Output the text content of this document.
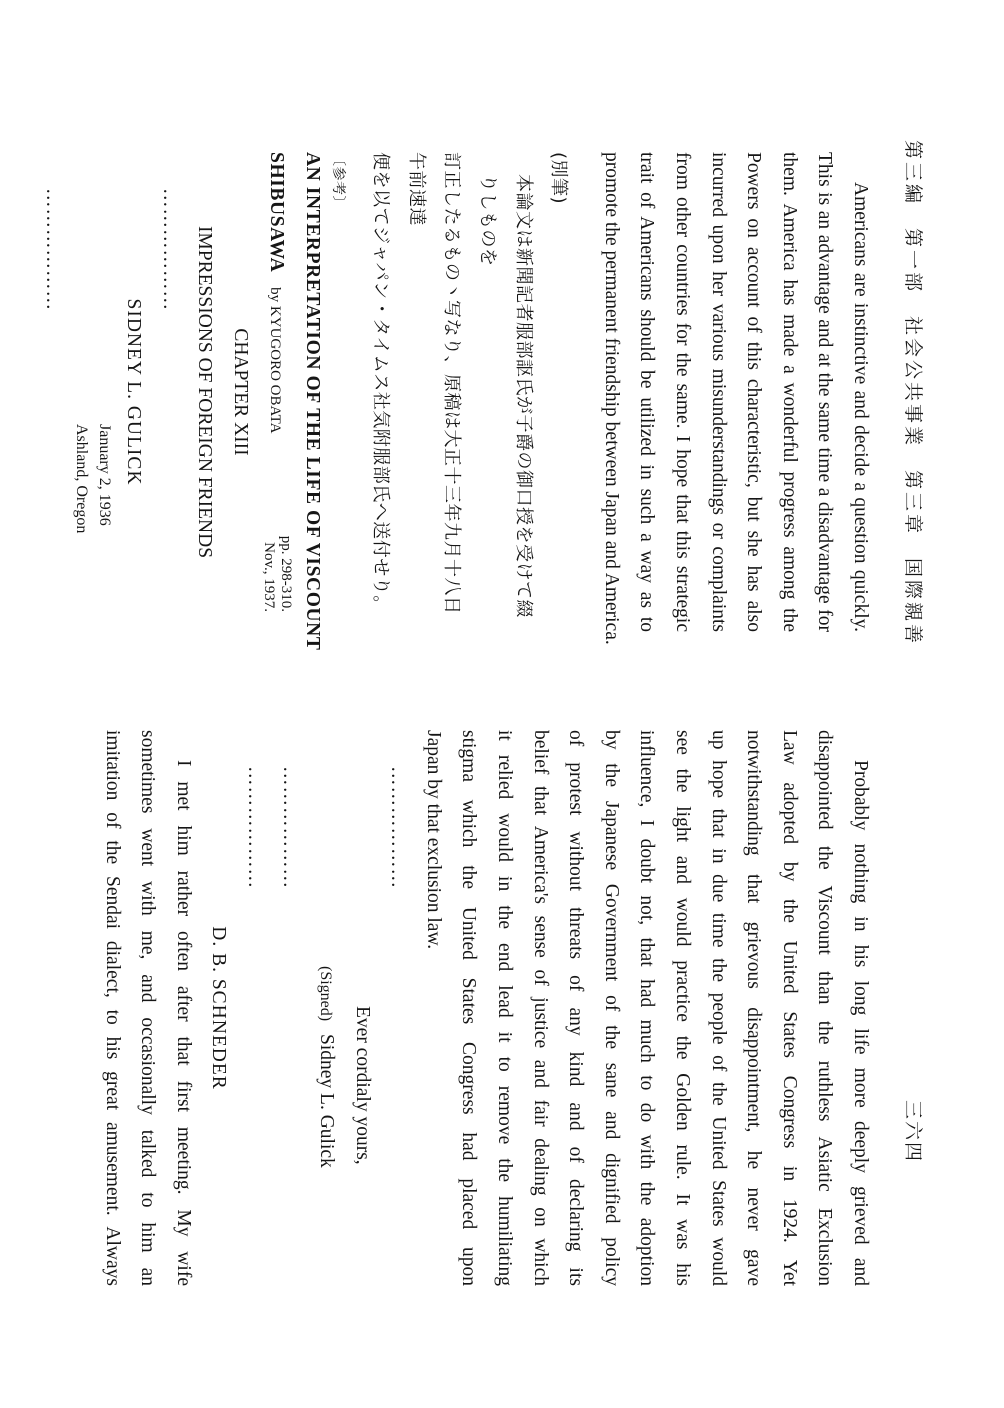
第三編　第一部　社会公共事業　第三章　国際親善
三六四
Americans are instinctive and decide a question quickly.
This is an advantage and at the same time a disadvantage for
them. America has made a wonderful progress among the
Powers on account of this characteristic, but she has also
incurred upon her various misunderstandings or complaints
from other countries for the same. I hope that this strategic
trait of Americans should be utilized in such a way as to
promote the permanent friendship between Japan and America.
(別筆)
本論文は新聞記者服部𧦅氏が子爵の御口授を受けて綴りしものを
訂正したるもの丶写なり、原稿は大正十三年九月十八日午前速達
便を以てジャパン・タイムス社気附服部氏へ送付せり。
〔参考〕
AN INTERPRETATION OF THE LIFE OF VISCOUNT
SHIBUSAWA by KYUGORO OBATA
pp. 298-310.
Nov., 1937.
CHAPTER XIII
IMPRESSIONS OF FOREIGN FRIENDS
………………
SIDNEY L. GULICK
January 2, 1936
Ashland, Oregon
………………
Probably nothing in his long life more deeply grieved and
disappointed the Viscount than the ruthless Asiatic Exclusion
Law adopted by the United States Congress in 1924. Yet
notwithstanding that grievous disappointment, he never gave
up hope that in due time the people of the United States would
see the light and would practice the Golden rule. It was his
influence, I doubt not, that had much to do with the adoption
by the Japanese Government of the sane and dignified policy
of protest without threats of any kind and of declaring its
belief that America's sense of justice and fair dealing on which
it relied would in the end lead it to remove the humiliating
stigma which the United States Congress had placed upon
Japan by that exclusion law.
………………
Ever cordialy yours,
(Signed) Sidney L. Gulick
………………
………………
D. B. SCHNEDER
I met him rather often after that first meeting. My wife
sometimes went with me, and occasionally talked to him an
imitation of the Sendai dialect, to his great amusement. Always
